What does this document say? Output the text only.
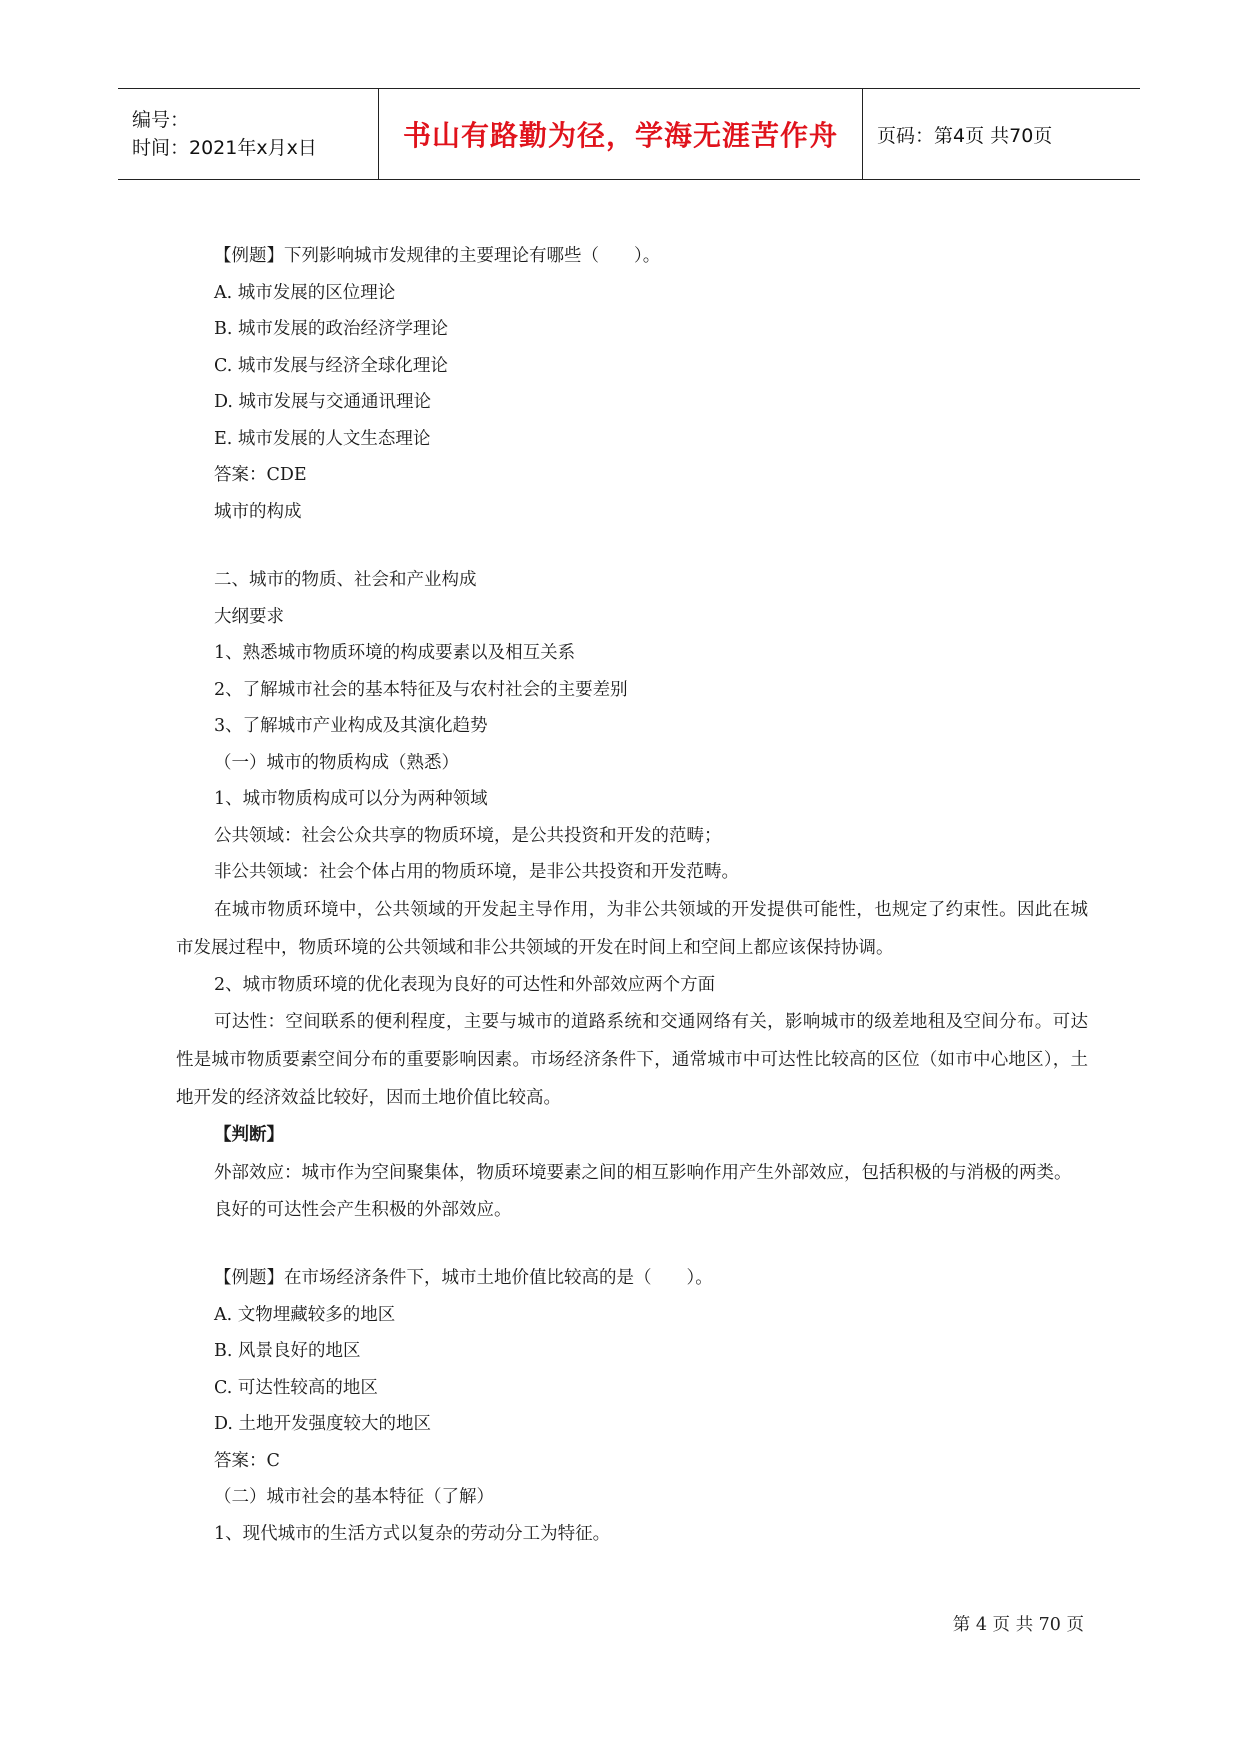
编号：
时间：2021年x月x日	书山有路勤为径，学海无涯苦作舟 页码：第4页 共70页
【例题】下列影响城市发规律的主要理论有哪些（　　）。
A. 城市发展的区位理论
B. 城市发展的政治经济学理论
C. 城市发展与经济全球化理论
D. 城市发展与交通通讯理论
E. 城市发展的人文生态理论
答案：CDE
城市的构成
二、城市的物质、社会和产业构成
大纲要求
1、熟悉城市物质环境的构成要素以及相互关系
2、了解城市社会的基本特征及与农村社会的主要差别
3、了解城市产业构成及其演化趋势
（一）城市的物质构成（熟悉）
1、城市物质构成可以分为两种领域
公共领域：社会公众共享的物质环境，是公共投资和开发的范畴；
非公共领域：社会个体占用的物质环境，是非公共投资和开发范畴。
在城市物质环境中，公共领域的开发起主导作用，为非公共领域的开发提供可能性，也规定了约束性。因此在城市发展过程中，物质环境的公共领域和非公共领域的开发在时间上和空间上都应该保持协调。
2、城市物质环境的优化表现为良好的可达性和外部效应两个方面
可达性：空间联系的便利程度，主要与城市的道路系统和交通网络有关，影响城市的级差地租及空间分布。可达性是城市物质要素空间分布的重要影响因素。市场经济条件下，通常城市中可达性比较高的区位（如市中心地区），土地开发的经济效益比较好，因而土地价值比较高。
【判断】
外部效应：城市作为空间聚集体，物质环境要素之间的相互影响作用产生外部效应，包括积极的与消极的两类。
良好的可达性会产生积极的外部效应。
【例题】在市场经济条件下，城市土地价值比较高的是（　　）。
A. 文物埋藏较多的地区
B. 风景良好的地区
C. 可达性较高的地区
D. 土地开发强度较大的地区
答案：C
（二）城市社会的基本特征（了解）
1、现代城市的生活方式以复杂的劳动分工为特征。
第 4 页 共 70 页
